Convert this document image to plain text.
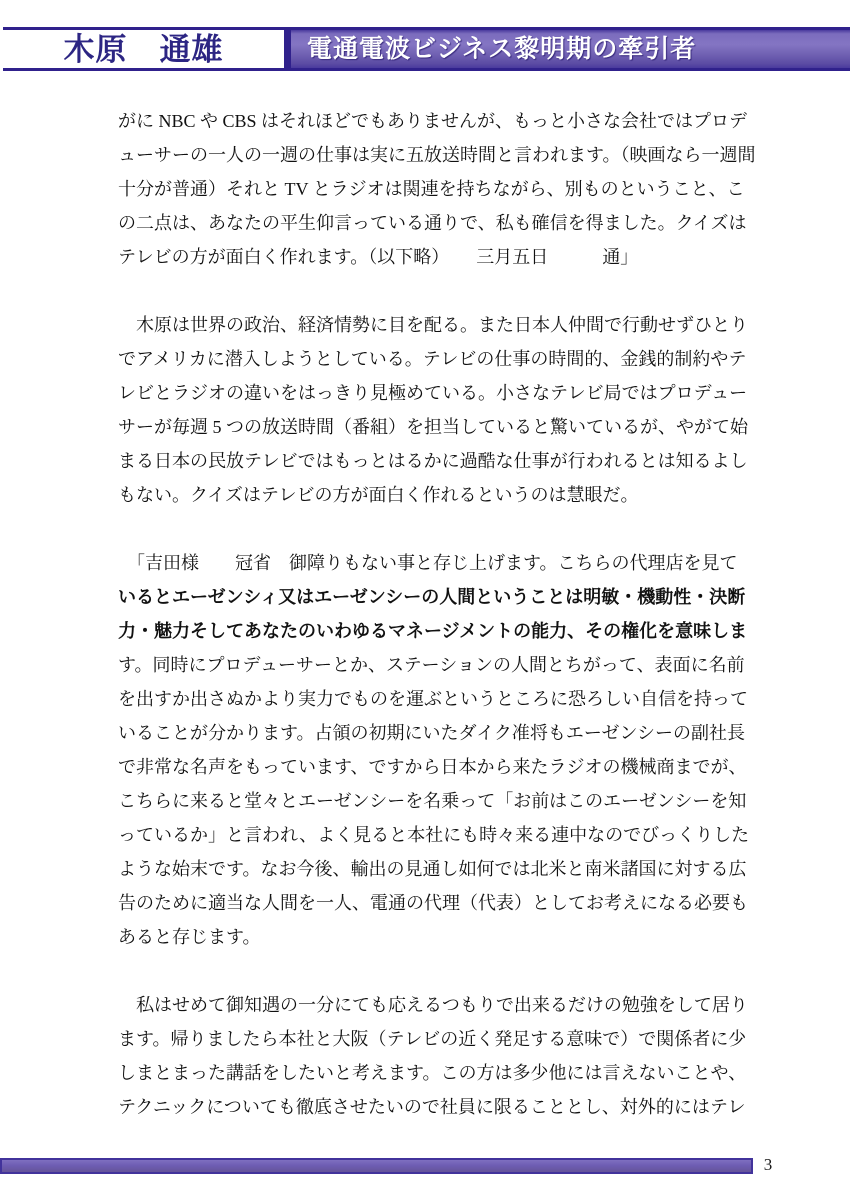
木原　通雄	電通電波ビジネス黎明期の牽引者
がに NBC や CBS はそれほどでもありませんが、もっと小さな会社ではプロデ
ューサーの一人の一週の仕事は実に五放送時間と言われます。（映画なら一週間
十分が普通）それと TV とラジオは関連を持ちながら、別ものということ、こ
の二点は、あなたの平生仰言っている通りで、私も確信を得ました。クイズは
テレビの方が面白く作れます。（以下略）　　三月五日　　　通」
　木原は世界の政治、経済情勢に目を配る。また日本人仲間で行動せずひとり
でアメリカに潜入しようとしている。テレビの仕事の時間的、金銭的制約やテ
レビとラジオの違いをはっきり見極めている。小さなテレビ局ではプロデュー
サーが毎週 5 つの放送時間（番組）を担当していると驚いているが、やがて始
まる日本の民放テレビではもっとはるかに過酷な仕事が行われるとは知るよし
もない。クイズはテレビの方が面白く作れるというのは慧眼だ。
　「吉田様　　冠省　御障りもない事と存じ上げます。こちらの代理店を見て
いるとエーゼンシィ又はエーゼンシーの人間ということは明敏・機動性・決断
力・魅力そしてあなたのいわゆるマネージメントの能力、その権化を意味しま
す。同時にプロデューサーとか、ステーションの人間とちがって、表面に名前
を出すか出さぬかより実力でものを運ぶというところに恐ろしい自信を持って
いることが分かります。占領の初期にいたダイク准将もエーゼンシーの副社長
で非常な名声をもっています、ですから日本から来たラジオの機械商までが、
こちらに来ると堂々とエーゼンシーを名乗って「お前はこのエーゼンシーを知
っているか」と言われ、よく見ると本社にも時々来る連中なのでびっくりした
ような始末です。なお今後、輸出の見通し如何では北米と南米諸国に対する広
告のために適当な人間を一人、電通の代理（代表）としてお考えになる必要も
あると存じます。
　私はせめて御知遇の一分にても応えるつもりで出来るだけの勉強をして居り
ます。帰りましたら本社と大阪（テレビの近く発足する意味で）で関係者に少
しまとまった講話をしたいと考えます。この方は多少他には言えないことや、
テクニックについても徹底させたいので社員に限ることとし、対外的にはテレ
3
